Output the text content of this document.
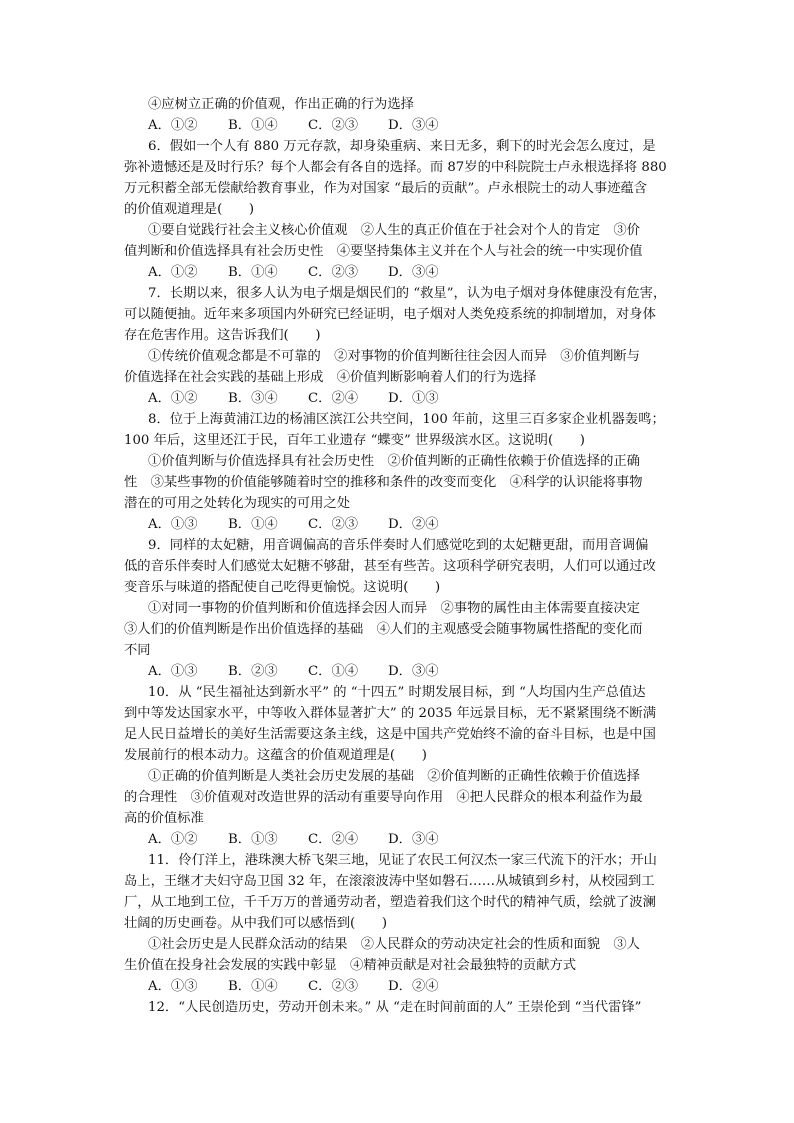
④应树立正确的价值观，作出正确的行为选择
A．①②	B．①④	C．②③	D．③④
6．假如一个人有 880 万元存款，却身染重病、来日无多，剩下的时光会怎么度过，是
弥补遗憾还是及时行乐？每个人都会有各自的选择。而 87岁的中科院院士卢永根选择将 880
万元积蓄全部无偿献给教育事业，作为对国家 “最后的贡献”。卢永根院士的动人事迹蕴含
的价值观道理是(　　)
①要自觉践行社会主义核心价值观　②人生的真正价值在于社会对个人的肯定　③价
值判断和价值选择具有社会历史性　④要坚持集体主义并在个人与社会的统一中实现价值
A．①②	B．①④	C．②③	D．③④
7．长期以来，很多人认为电子烟是烟民们的 “救星”，认为电子烟对身体健康没有危害，
可以随便抽。近年来多项国内外研究已经证明，电子烟对人类免疫系统的抑制增加，对身体
存在危害作用。这告诉我们(　　)
①传统价值观念都是不可靠的　②对事物的价值判断往往会因人而异　③价值判断与
价值选择在社会实践的基础上形成　④价值判断影响着人们的行为选择
A．①②	B．③④	C．②④	D．①③
8．位于上海黄浦江边的杨浦区滨江公共空间，100 年前，这里三百多家企业机器轰鸣；
100 年后，这里还江于民，百年工业遗存 “蝶变” 世界级滨水区。这说明(　　)
①价值判断与价值选择具有社会历史性　②价值判断的正确性依赖于价值选择的正确
性　③某些事物的价值能够随着时空的推移和条件的改变而变化　④科学的认识能将事物
潜在的可用之处转化为现实的可用之处
A．①③	B．①④	C．②③	D．②④
9．同样的太妃糖，用音调偏高的音乐伴奏时人们感觉吃到的太妃糖更甜，而用音调偏
低的音乐伴奏时人们感觉太妃糖不够甜，甚至有些苦。这项科学研究表明，人们可以通过改
变音乐与味道的搭配使自己吃得更愉悦。这说明(　　)
①对同一事物的价值判断和价值选择会因人而异　②事物的属性由主体需要直接决定
③人们的价值判断是作出价值选择的基础　④人们的主观感受会随事物属性搭配的变化而
不同
A．①③	B．②③	C．①④	D．③④
10．从 “民生福祉达到新水平” 的 “十四五” 时期发展目标，到 “人均国内生产总值达
到中等发达国家水平，中等收入群体显著扩大” 的 2035 年远景目标，无不紧紧围绕不断满
足人民日益增长的美好生活需要这条主线，这是中国共产党始终不渝的奋斗目标，也是中国
发展前行的根本动力。这蕴含的价值观道理是(　　)
①正确的价值判断是人类社会历史发展的基础　②价值判断的正确性依赖于价值选择
的合理性　③价值观对改造世界的活动有重要导向作用　④把人民群众的根本利益作为最
高的价值标准
A．①②	B．①③	C．②④	D．③④
11．伶仃洋上，港珠澳大桥飞架三地，见证了农民工何汉杰一家三代流下的汗水；开山
岛上，王继才夫妇守岛卫国 32 年，在滚滚波涛中坚如磐石……从城镇到乡村，从校园到工
厂，从工地到工位，千千万万的普通劳动者，塑造着我们这个时代的精神气质，绘就了波澜
壮阔的历史画卷。从中我们可以感悟到(　　)
①社会历史是人民群众活动的结果　②人民群众的劳动决定社会的性质和面貌　③人
生价值在投身社会发展的实践中彰显　④精神贡献是对社会最独特的贡献方式
A．①③	B．①④	C．②③	D．②④
12．“人民创造历史，劳动开创未来。” 从 “走在时间前面的人” 王崇伦到 “当代雷锋”
